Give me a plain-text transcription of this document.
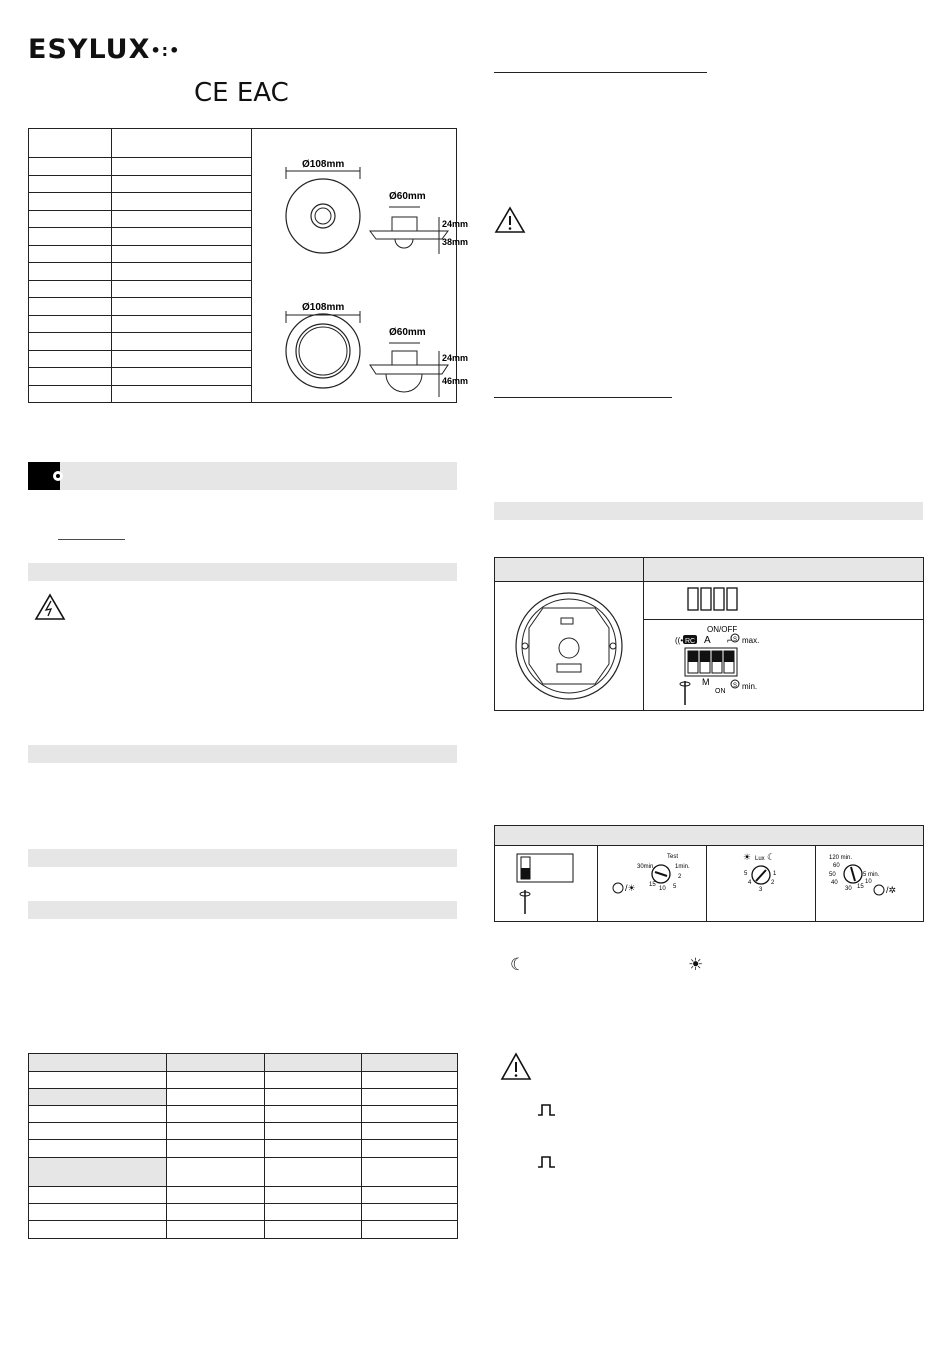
ESYLUX•:•
CE EAC
Ø108mm
Ø60mm
24mm
38mm
Ø108mm
Ø60mm
24mm
46mm
ON/OFF
((• RC A ⌐ S max.
M
ON
S min.
Test
30min.	1min.
2
5
10
15
/☀
☀ Lux ☾
5	1
4	2
3
120 min.
60
50	5 min.
40
30 15
10
/✲
☾	☀
